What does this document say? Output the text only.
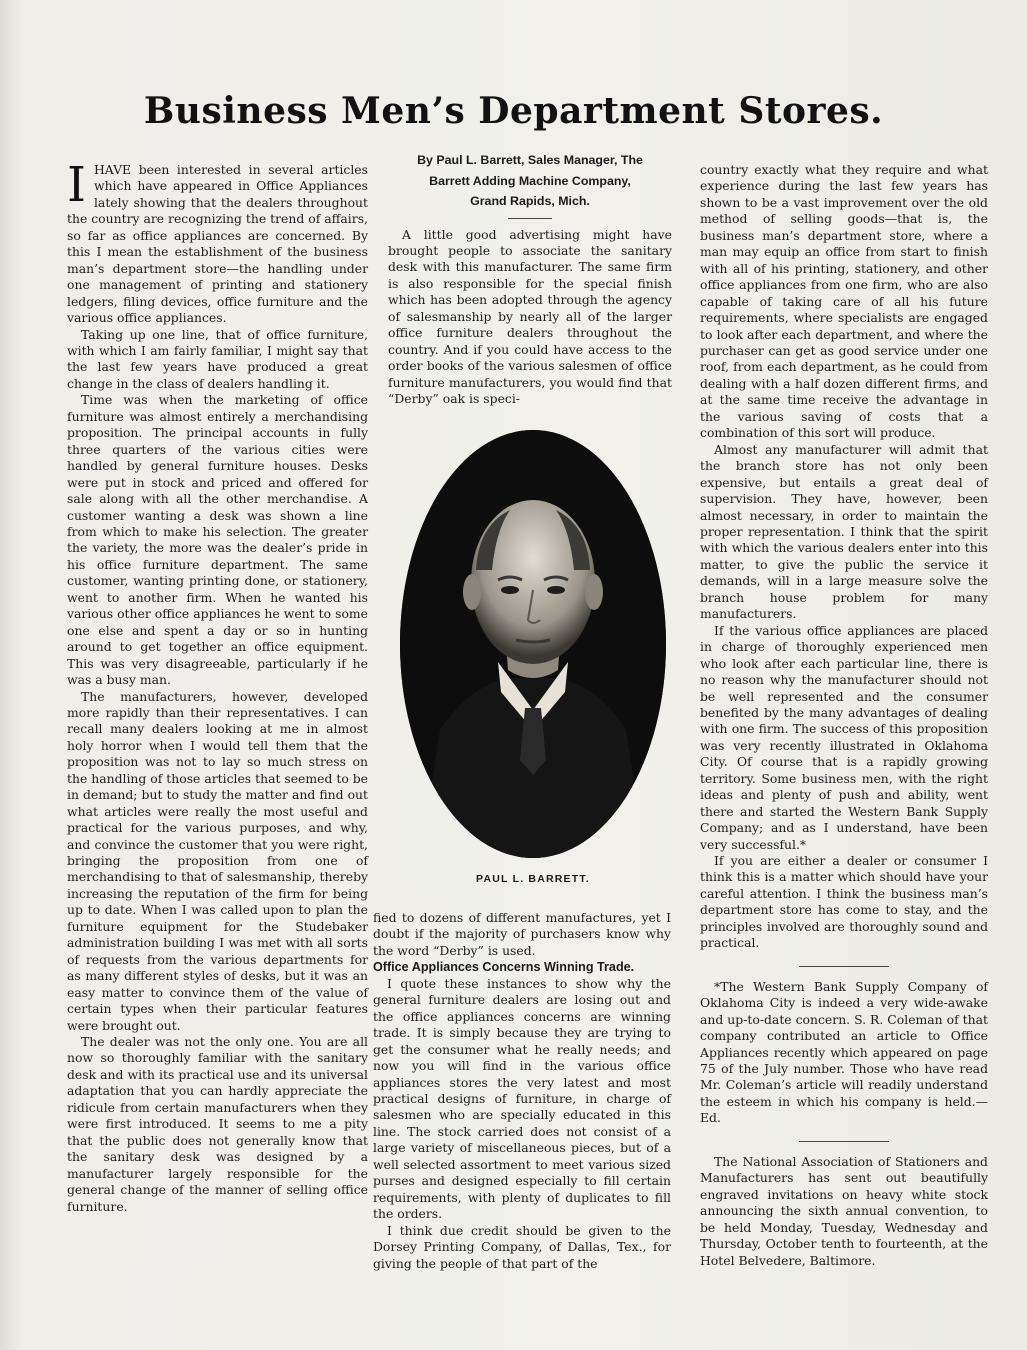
Business Men’s Department Stores.

IHAVE been interested in several articles which have appeared in Office Appliances lately showing that the dealers throughout the country are recognizing the trend of affairs, so far as office appliances are concerned. By this I mean the establishment of the business man’s department store—the handling under one management of printing and stationery ledgers, filing devices, office furniture and the various office appliances.

Taking up one line, that of office furniture, with which I am fairly familiar, I might say that the last few years have produced a great change in the class of dealers handling it.

Time was when the marketing of office furniture was almost entirely a merchandising proposition. The principal accounts in fully three quarters of the various cities were handled by general furniture houses. Desks were put in stock and priced and offered for sale along with all the other merchandise. A customer wanting a desk was shown a line from which to make his selection. The greater the variety, the more was the dealer’s pride in his office furniture department. The same customer, wanting printing done, or stationery, went to another firm. When he wanted his various other office appliances he went to some one else and spent a day or so in hunting around to get together an office equipment. This was very disagreeable, particularly if he was a busy man.

The manufacturers, however, developed more rapidly than their representatives. I can recall many dealers looking at me in almost holy horror when I would tell them that the proposition was not to lay so much stress on the handling of those articles that seemed to be in demand; but to study the matter and find out what articles were really the most useful and practical for the various purposes, and why, and convince the customer that you were right, bringing the proposition from one of merchandising to that of salesmanship, thereby increasing the reputation of the firm for being up to date. When I was called upon to plan the furniture equipment for the Studebaker administration building I was met with all sorts of requests from the various departments for as many different styles of desks, but it was an easy matter to convince them of the value of certain types when their particular features were brought out.

The dealer was not the only one. You are all now so thoroughly familiar with the sanitary desk and with its practical use and its universal adaptation that you can hardly appreciate the ridicule from certain manufacturers when they were first introduced. It seems to me a pity that the public does not generally know that the sanitary desk was designed by a manufacturer largely responsible for the general change of the manner of selling office furniture.

By Paul L. Barrett, Sales Manager, The
Barrett Adding Machine Company,
Grand Rapids, Mich.

A little good advertising might have brought people to associate the sanitary desk with this manufacturer. The same firm is also responsible for the special finish which has been adopted through the agency of salesmanship by nearly all of the larger office furniture dealers throughout the country. And if you could have access to the order books of the various salesmen of office furniture manufacturers, you would find that “Derby” oak is speci-

PAUL L. BARRETT.

fied to dozens of different manufactures, yet I doubt if the majority of purchasers know why the word “Derby” is used.

Office Appliances Concerns Winning Trade.

I quote these instances to show why the general furniture dealers are losing out and the office appliances concerns are winning trade. It is simply because they are trying to get the consumer what he really needs; and now you will find in the various office appliances stores the very latest and most practical designs of furniture, in charge of salesmen who are specially educated in this line. The stock carried does not consist of a large variety of miscellaneous pieces, but of a well selected assortment to meet various sized purses and designed especially to fill certain requirements, with plenty of duplicates to fill the orders.

I think due credit should be given to the Dorsey Printing Company, of Dallas, Tex., for giving the people of that part of the

country exactly what they require and what experience during the last few years has shown to be a vast improvement over the old method of selling goods—that is, the business man’s department store, where a man may equip an office from start to finish with all of his printing, stationery, and other office appliances from one firm, who are also capable of taking care of all his future requirements, where specialists are engaged to look after each department, and where the purchaser can get as good service under one roof, from each department, as he could from dealing with a half dozen different firms, and at the same time receive the advantage in the various saving of costs that a combination of this sort will produce.

Almost any manufacturer will admit that the branch store has not only been expensive, but entails a great deal of supervision. They have, however, been almost necessary, in order to maintain the proper representation. I think that the spirit with which the various dealers enter into this matter, to give the public the service it demands, will in a large measure solve the branch house problem for many manufacturers.

If the various office appliances are placed in charge of thoroughly experienced men who look after each particular line, there is no reason why the manufacturer should not be well represented and the consumer benefited by the many advantages of dealing with one firm. The success of this proposition was very recently illustrated in Oklahoma City. Of course that is a rapidly growing territory. Some business men, with the right ideas and plenty of push and ability, went there and started the Western Bank Supply Company; and as I understand, have been very successful.*

If you are either a dealer or consumer I think this is a matter which should have your careful attention. I think the business man’s department store has come to stay, and the principles involved are thoroughly sound and practical.

*The Western Bank Supply Company of Oklahoma City is indeed a very wide-awake and up-to-date concern. S. R. Coleman of that company contributed an article to Office Appliances recently which appeared on page 75 of the July number. Those who have read Mr. Coleman’s article will readily understand the esteem in which his company is held.—Ed.

The National Association of Stationers and Manufacturers has sent out beautifully engraved invitations on heavy white stock announcing the sixth annual convention, to be held Monday, Tuesday, Wednesday and Thursday, October tenth to fourteenth, at the Hotel Belvedere, Baltimore.
